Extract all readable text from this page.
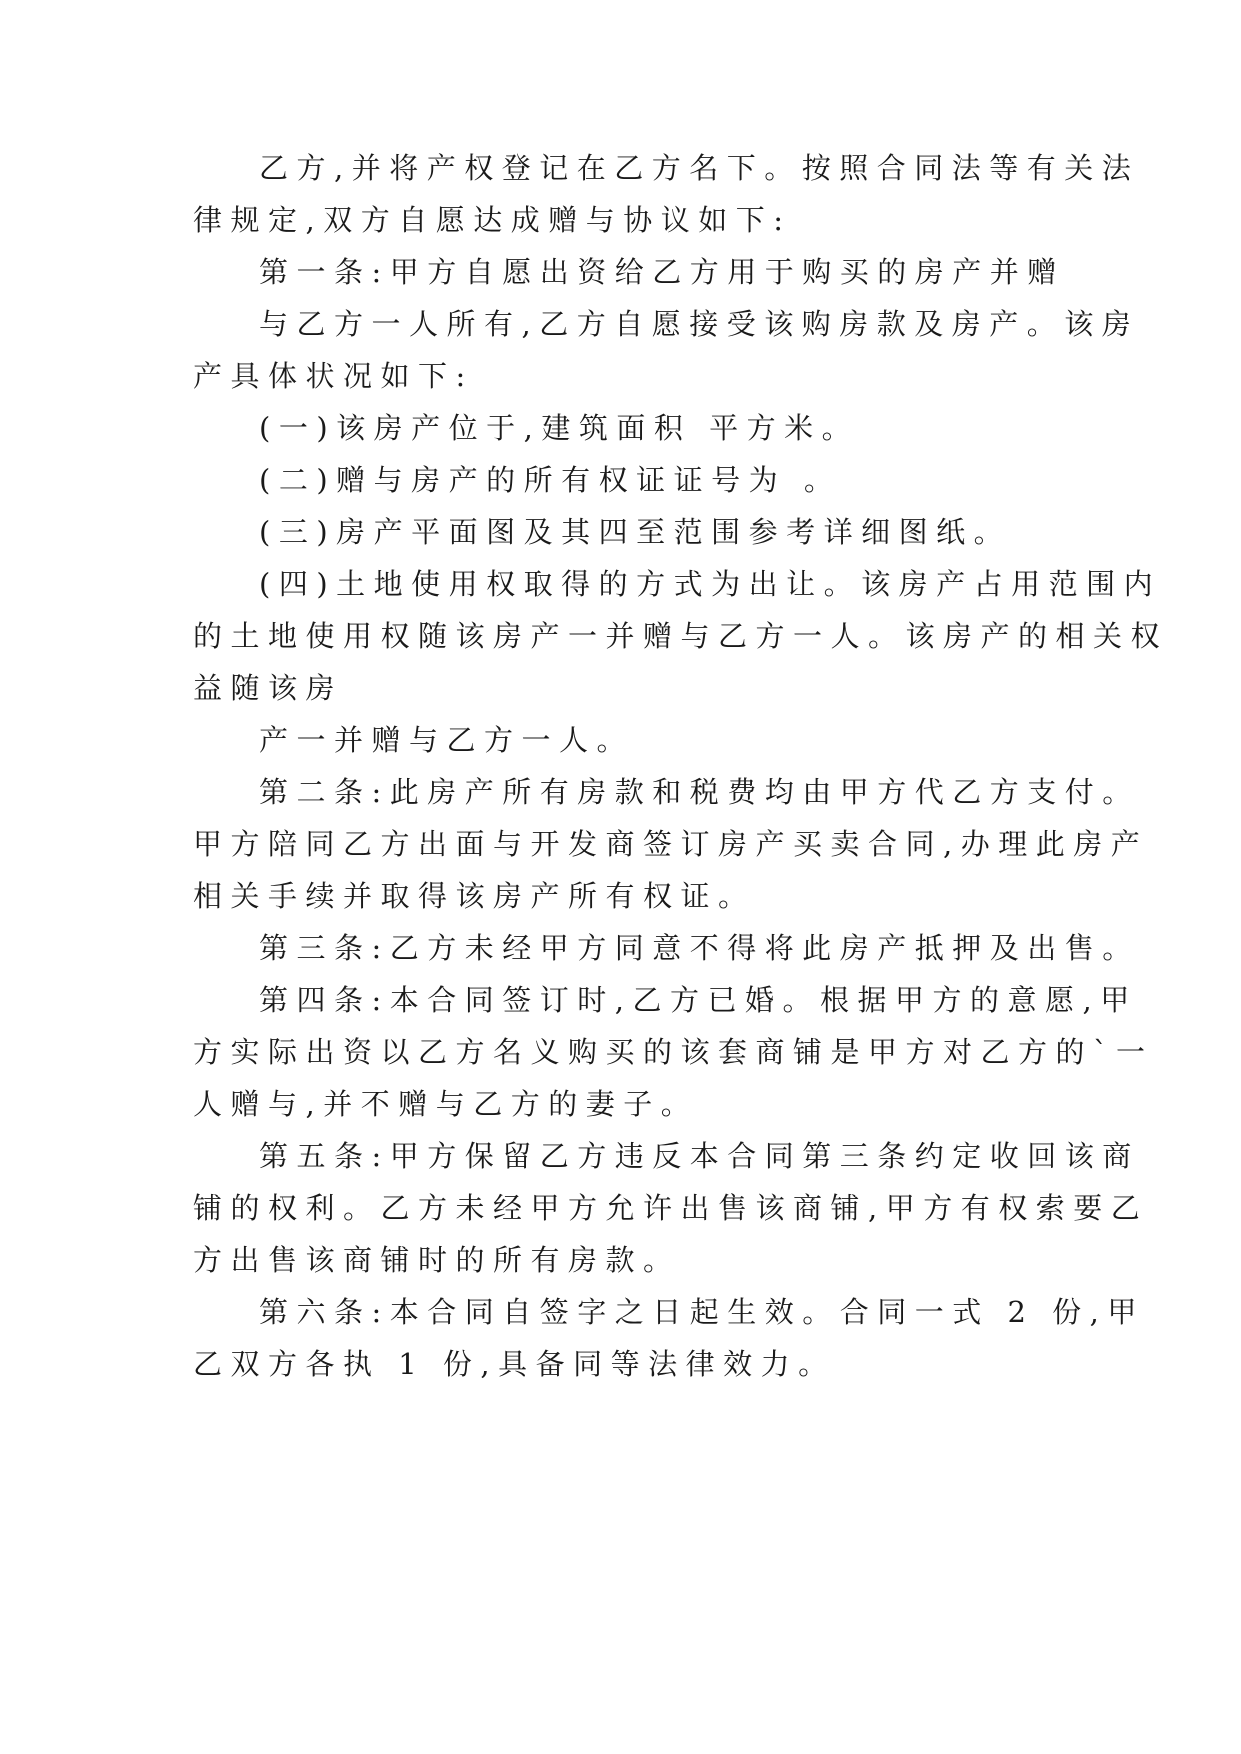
乙方,并将产权登记在乙方名下。按照合同法等有关法
律规定,双方自愿达成赠与协议如下:
第一条:甲方自愿出资给乙方用于购买的房产并赠
与乙方一人所有,乙方自愿接受该购房款及房产。该房
产具体状况如下:
(一)该房产位于,建筑面积 平方米。
(二)赠与房产的所有权证证号为 。
(三)房产平面图及其四至范围参考详细图纸。
(四)土地使用权取得的方式为出让。该房产占用范围内
的土地使用权随该房产一并赠与乙方一人。该房产的相关权
益随该房
产一并赠与乙方一人。
第二条:此房产所有房款和税费均由甲方代乙方支付。
甲方陪同乙方出面与开发商签订房产买卖合同,办理此房产
相关手续并取得该房产所有权证。
第三条:乙方未经甲方同意不得将此房产抵押及出售。
第四条:本合同签订时,乙方已婚。根据甲方的意愿,甲
方实际出资以乙方名义购买的该套商铺是甲方对乙方的`一
人赠与,并不赠与乙方的妻子。
第五条:甲方保留乙方违反本合同第三条约定收回该商
铺的权利。乙方未经甲方允许出售该商铺,甲方有权索要乙
方出售该商铺时的所有房款。
第六条:本合同自签字之日起生效。合同一式 2 份,甲
乙双方各执 1 份,具备同等法律效力。
